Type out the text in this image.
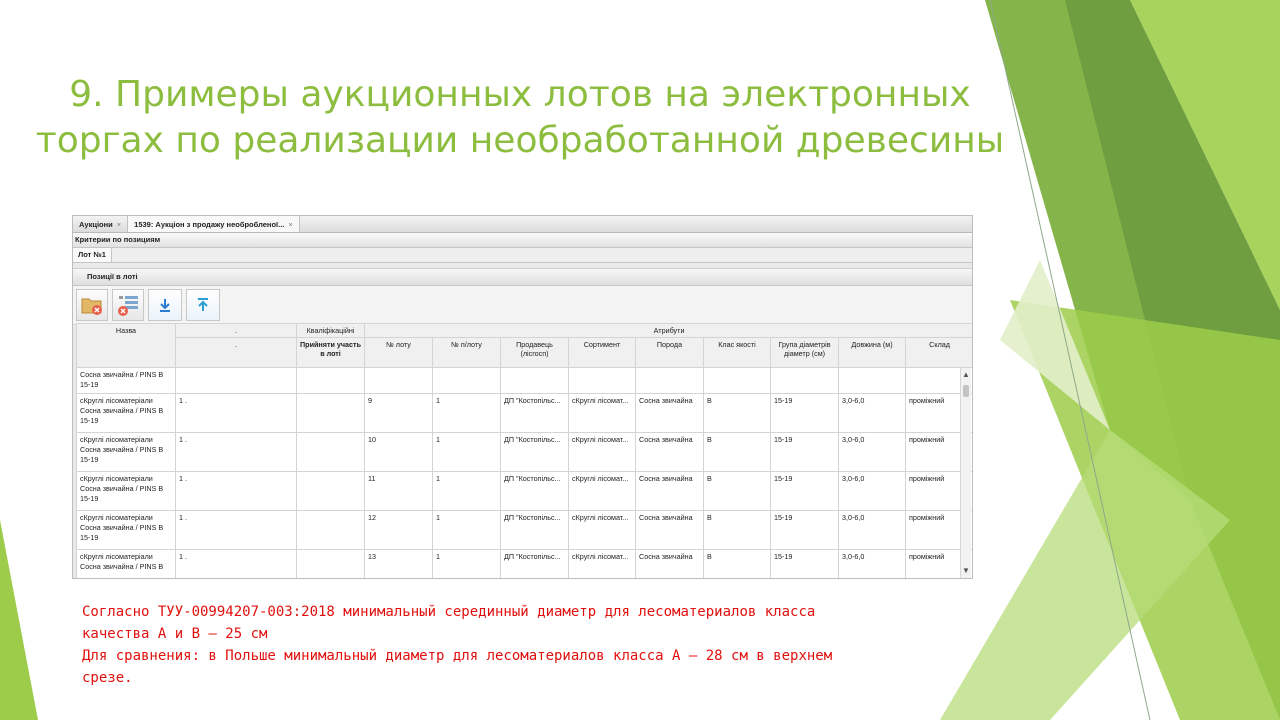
9. Примеры аукционных лотов на электронных
торгах по реализации необработанной древесины
Аукціони × 1539: Аукціон з продажу необробленої... ×
Критерии по позициям
Лот №1
Позиції в лоті
Назва	.	Кваліфікаційні	Атрибути								
	.	Прийняти участь в лоті	№ лоту	№ п/лоту	Продавець (лісгосп)	Сортимент	Порода	Клас якості	Група діаметрів діаметр (см)	Довжина (м)	Склад
Сосна звичайна / PINS B 15-19											
сКруглі лісоматеріали Сосна звичайна / PINS B 15-19	1 .		9	1	ДП "Костопільс...	сКруглі лісомат...	Сосна звичайна	В	15-19	3,0-6,0	проміжний
сКруглі лісоматеріали Сосна звичайна / PINS B 15-19	1 .		10	1	ДП "Костопільс...	сКруглі лісомат...	Сосна звичайна	В	15-19	3,0-6,0	проміжний
сКруглі лісоматеріали Сосна звичайна / PINS B 15-19	1 .		11	1	ДП "Костопільс...	сКруглі лісомат...	Сосна звичайна	В	15-19	3,0-6,0	проміжний
сКруглі лісоматеріали Сосна звичайна / PINS B 15-19	1 .		12	1	ДП "Костопільс...	сКруглі лісомат...	Сосна звичайна	В	15-19	3,0-6,0	проміжний
сКруглі лісоматеріали Сосна звичайна / PINS B	1 .		13	1	ДП "Костопільс...	сКруглі лісомат...	Сосна звичайна	В	15-19	3,0-6,0	проміжний
▲
▼
Согласно ТУУ-00994207-003:2018 минимальный серединный диаметр для лесоматериалов класса
качества А и В – 25 см
Для сравнения: в Польше минимальный диаметр для лесоматериалов класса А – 28 см в верхнем
срезе.
